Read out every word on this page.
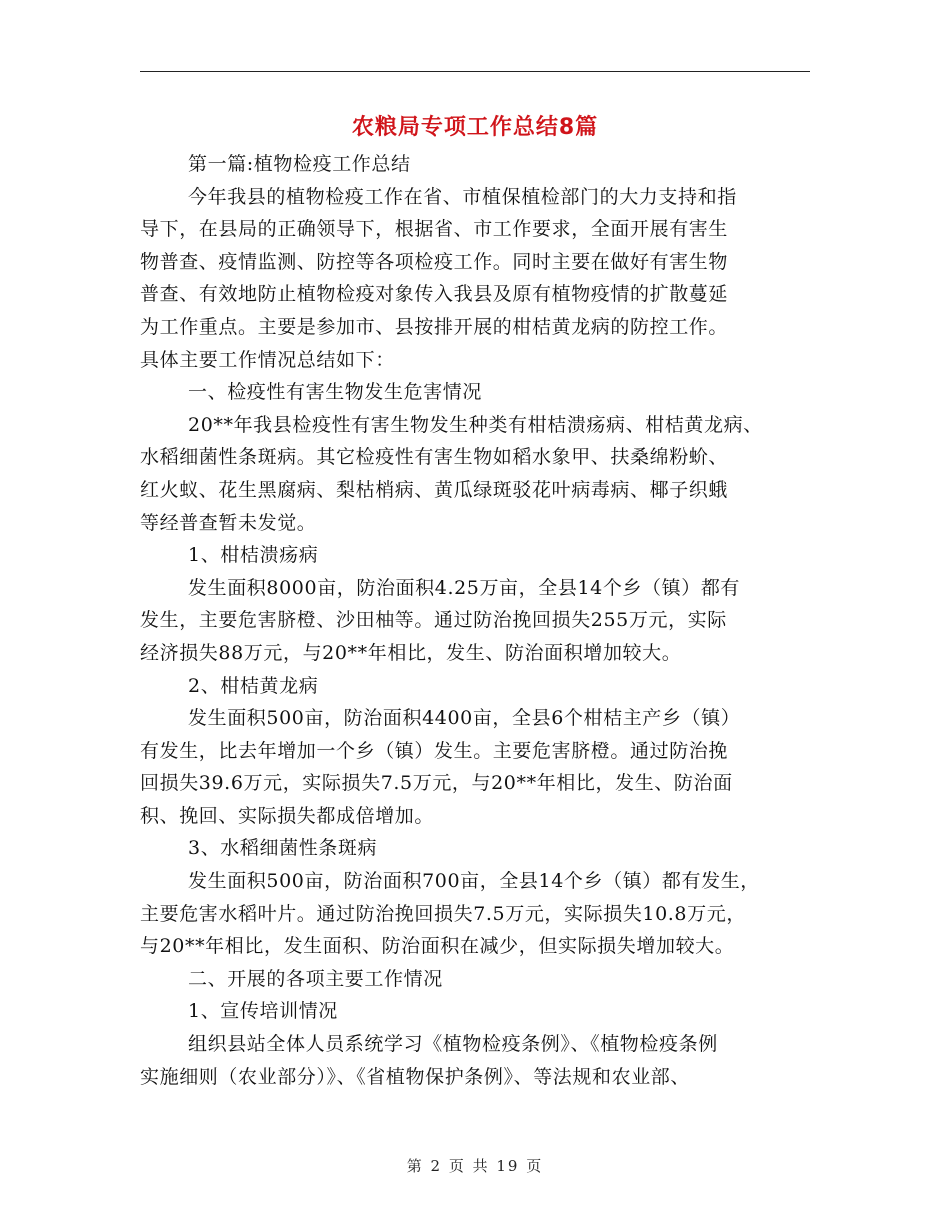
农粮局专项工作总结8篇
第一篇:植物检疫工作总结
今年我县的植物检疫工作在省、市植保植检部门的大力支持和指
导下，在县局的正确领导下，根据省、市工作要求，全面开展有害生
物普查、疫情监测、防控等各项检疫工作。同时主要在做好有害生物
普查、有效地防止植物检疫对象传入我县及原有植物疫情的扩散蔓延
为工作重点。主要是参加市、县按排开展的柑桔黄龙病的防控工作。
具体主要工作情况总结如下：
一、检疫性有害生物发生危害情况
20**年我县检疫性有害生物发生种类有柑桔溃疡病、柑桔黄龙病、
水稻细菌性条斑病。其它检疫性有害生物如稻水象甲、扶桑绵粉蚧、
红火蚁、花生黑腐病、梨枯梢病、黄瓜绿斑驳花叶病毒病、椰子织蛾
等经普查暂未发觉。
1、柑桔溃疡病
发生面积8000亩，防治面积4.25万亩，全县14个乡（镇）都有
发生，主要危害脐橙、沙田柚等。通过防治挽回损失255万元，实际
经济损失88万元，与20**年相比，发生、防治面积增加较大。
2、柑桔黄龙病
发生面积500亩，防治面积4400亩，全县6个柑桔主产乡（镇）
有发生，比去年增加一个乡（镇）发生。主要危害脐橙。通过防治挽
回损失39.6万元，实际损失7.5万元，与20**年相比，发生、防治面
积、挽回、实际损失都成倍增加。
3、水稻细菌性条斑病
发生面积500亩，防治面积700亩，全县14个乡（镇）都有发生，
主要危害水稻叶片。通过防治挽回损失7.5万元，实际损失10.8万元，
与20**年相比，发生面积、防治面积在减少，但实际损失增加较大。
二、开展的各项主要工作情况
1、宣传培训情况
组织县站全体人员系统学习《植物检疫条例》、《植物检疫条例
实施细则（农业部分）》、《省植物保护条例》、等法规和农业部、
第 2 页 共 19 页
